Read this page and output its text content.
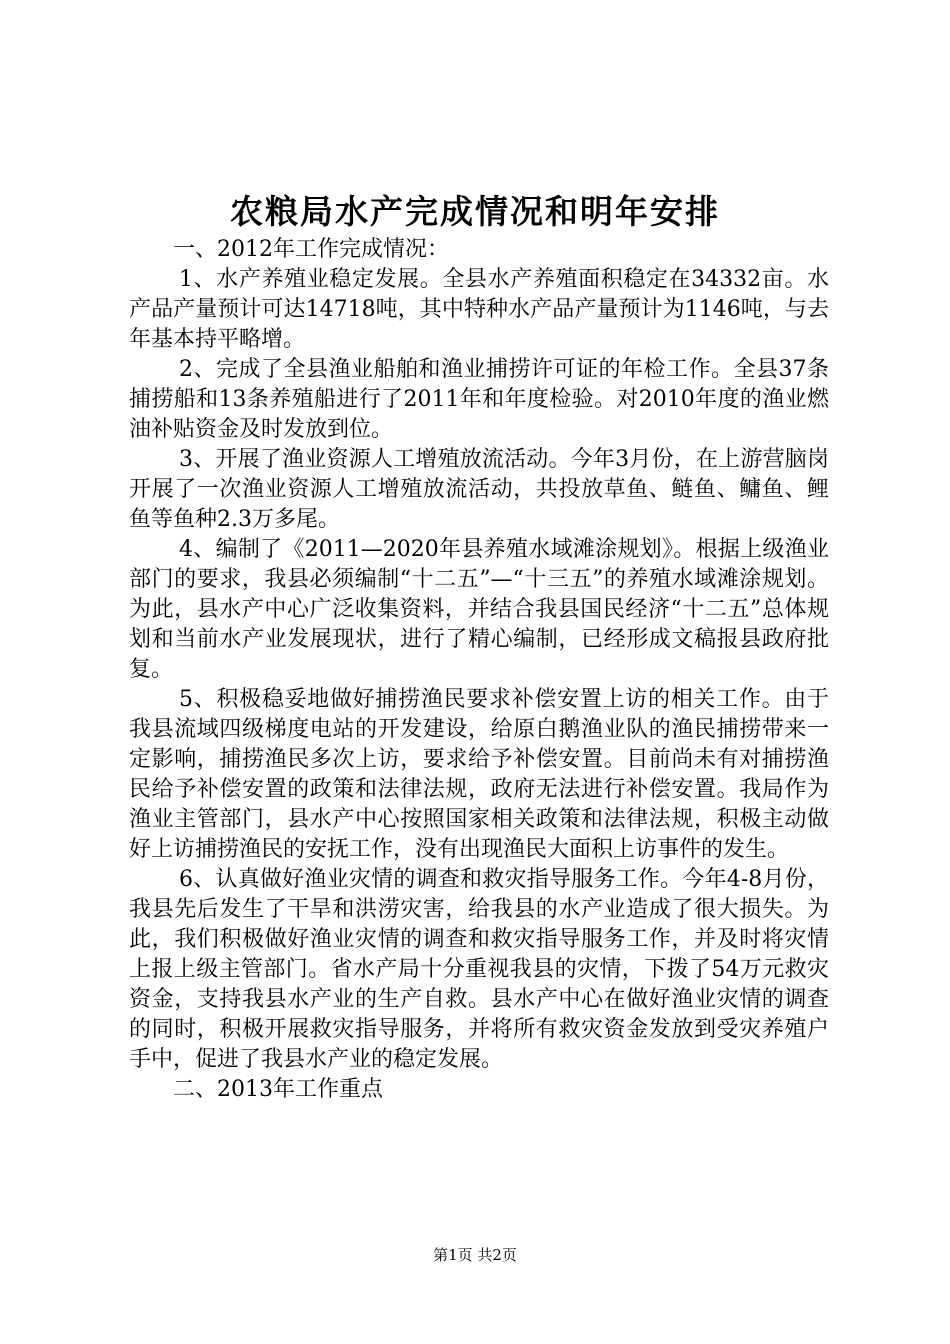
农粮局水产完成情况和明年安排

一、2012年工作完成情况：

1、水产养殖业稳定发展。全县水产养殖面积稳定在34332亩。水产品产量预计可达14718吨，其中特种水产品产量预计为1146吨，与去年基本持平略增。

2、完成了全县渔业船舶和渔业捕捞许可证的年检工作。全县37条捕捞船和13条养殖船进行了2011年和年度检验。对2010年度的渔业燃油补贴资金及时发放到位。

3、开展了渔业资源人工增殖放流活动。今年3月份，在上游营脑岗开展了一次渔业资源人工增殖放流活动，共投放草鱼、鲢鱼、鳙鱼、鲤鱼等鱼种2.3万多尾。

4、编制了《2011—2020年县养殖水域滩涂规划》。根据上级渔业部门的要求，我县必须编制“十二五”—“十三五”的养殖水域滩涂规划。为此，县水产中心广泛收集资料，并结合我县国民经济“十二五”总体规划和当前水产业发展现状，进行了精心编制，已经形成文稿报县政府批复。

5、积极稳妥地做好捕捞渔民要求补偿安置上访的相关工作。由于我县流域四级梯度电站的开发建设，给原白鹅渔业队的渔民捕捞带来一定影响，捕捞渔民多次上访，要求给予补偿安置。目前尚未有对捕捞渔民给予补偿安置的政策和法律法规，政府无法进行补偿安置。我局作为渔业主管部门，县水产中心按照国家相关政策和法律法规，积极主动做好上访捕捞渔民的安抚工作，没有出现渔民大面积上访事件的发生。

6、认真做好渔业灾情的调查和救灾指导服务工作。今年4-8月份，我县先后发生了干旱和洪涝灾害，给我县的水产业造成了很大损失。为此，我们积极做好渔业灾情的调查和救灾指导服务工作，并及时将灾情上报上级主管部门。省水产局十分重视我县的灾情，下拨了54万元救灾资金，支持我县水产业的生产自救。县水产中心在做好渔业灾情的调查的同时，积极开展救灾指导服务，并将所有救灾资金发放到受灾养殖户手中，促进了我县水产业的稳定发展。

二、2013年工作重点

第1页 共2页
